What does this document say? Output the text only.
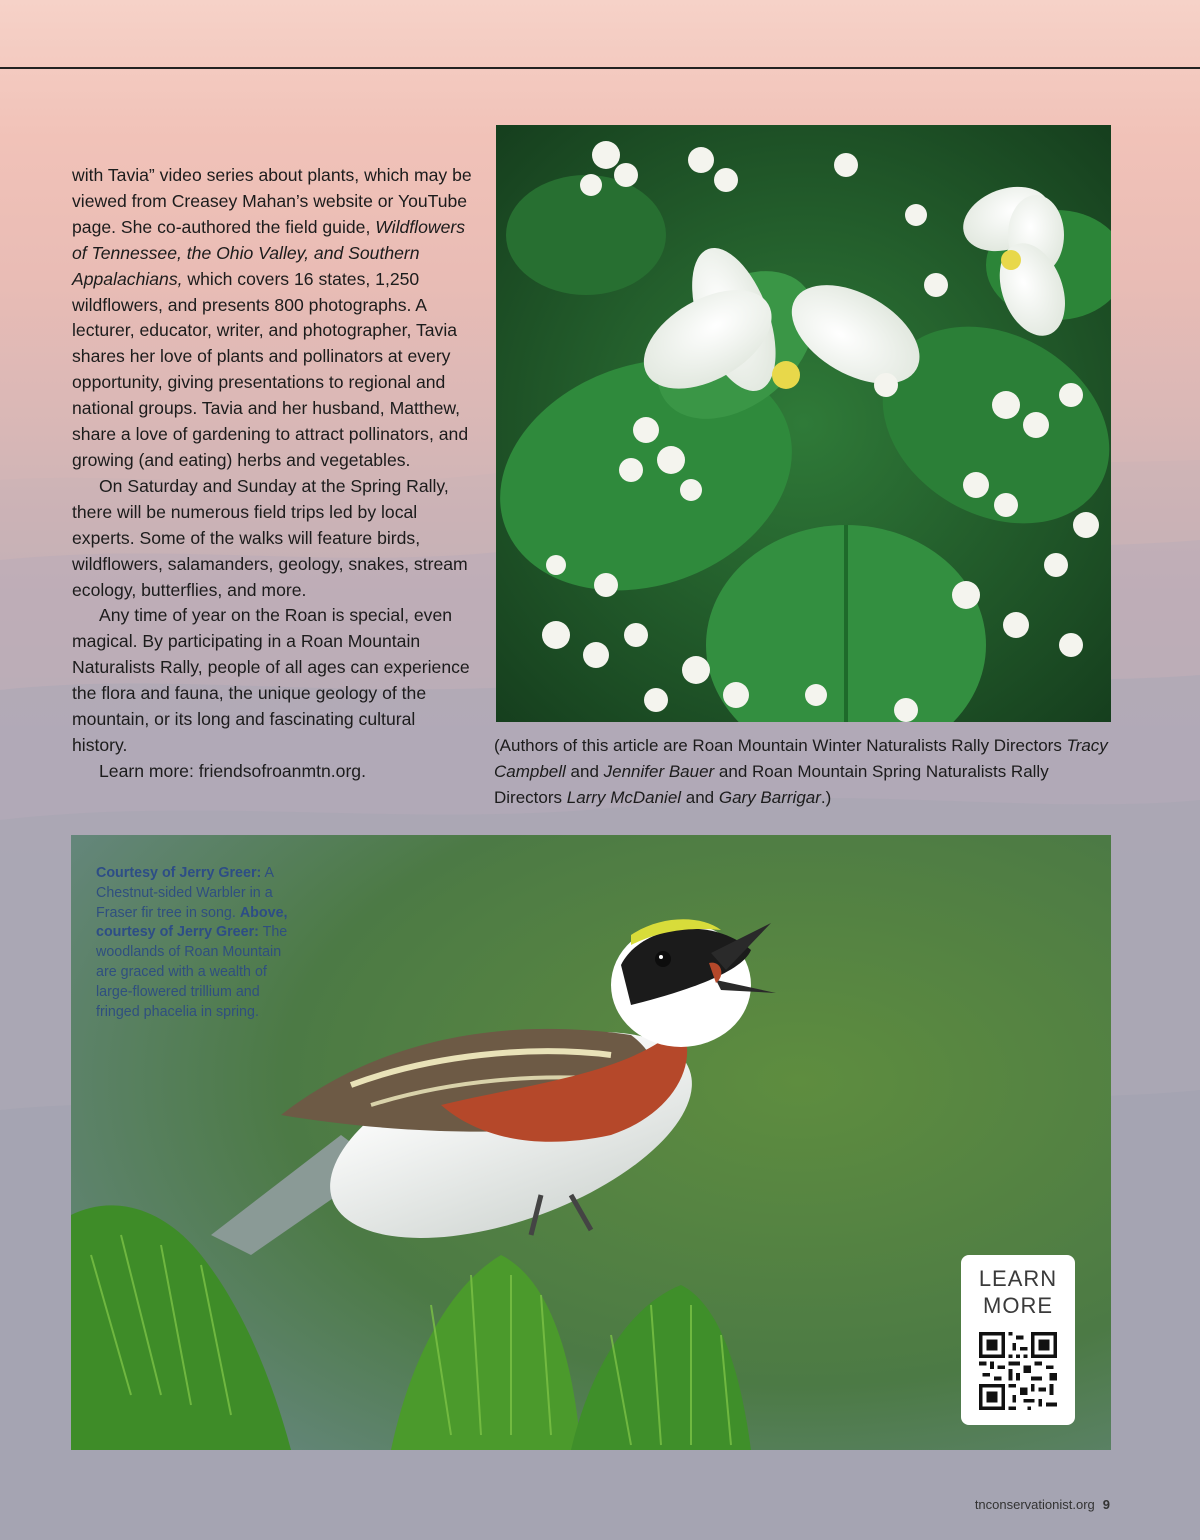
with Tavia” video series about plants, which may be viewed from Creasey Mahan’s website or YouTube page. She co-authored the field guide, Wildflowers of Tennessee, the Ohio Valley, and Southern Appalachians, which covers 16 states, 1,250 wildflowers, and presents 800 photographs. A lecturer, educator, writer, and photographer, Tavia shares her love of plants and pollinators at every opportunity, giving presentations to regional and national groups. Tavia and her husband, Matthew, share a love of gardening to attract pollinators, and growing (and eating) herbs and vegetables.

On Saturday and Sunday at the Spring Rally, there will be numerous field trips led by local experts. Some of the walks will feature birds, wildflowers, salamanders, geology, snakes, stream ecology, butterflies, and more.

Any time of year on the Roan is special, even magical. By participating in a Roan Mountain Naturalists Rally, people of all ages can experience the flora and fauna, the unique geology of the mountain, or its long and fascinating cultural history.

Learn more: friendsofroanmtn.org.

(Authors of this article are Roan Mountain Winter Naturalists Rally Directors Tracy Campbell and Jennifer Bauer and Roan Mountain Spring Naturalists Rally Directors Larry McDaniel and Gary Barrigar.)
Courtesy of Jerry Greer: A Chestnut-sided Warbler in a Fraser fir tree in song. Above, courtesy of Jerry Greer: The woodlands of Roan Mountain are graced with a wealth of large-flowered trillium and fringed phacelia in spring.
LEARN
MORE
tnconservationist.org 9
